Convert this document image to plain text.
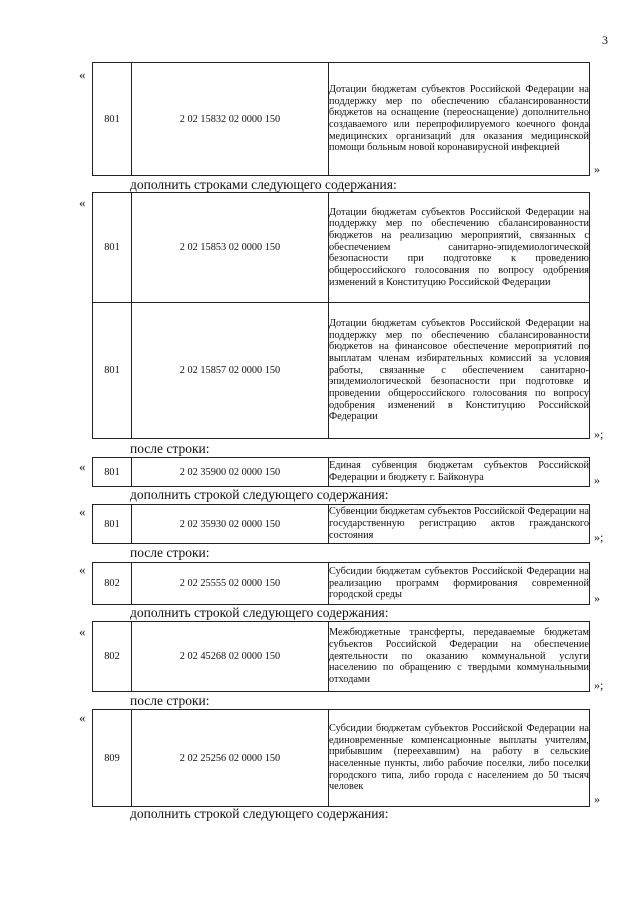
3
«
801	2 02 15832 02 0000 150	Дотации бюджетам субъектов Российской Федерации на поддержку мер по обеспечению сбалансированности бюджетов на оснащение (переоснащение) дополнительно создаваемого или перепрофилируемого коечного фонда медицинских организаций для оказания медицинской помощи больным новой коронавирусной инфекцией
»
дополнить строками следующего содержания:
«
801	2 02 15853 02 0000 150	Дотации бюджетам субъектов Российской Федерации на поддержку мер по обеспечению сбалансированности бюджетов на реализацию мероприятий, связанных с обеспечением санитарно-эпидемиологической безопасности при подготовке к проведению общероссийского голосования по вопросу одобрения изменений в Конституцию Российской Федерации
801	2 02 15857 02 0000 150	Дотации бюджетам субъектов Российской Федерации на поддержку мер по обеспечению сбалансированности бюджетов на финансовое обеспечение мероприятий по выплатам членам избирательных комиссий за условия работы, связанные с обеспечением санитарно-эпидемиологической безопасности при подготовке и проведении общероссийского голосования по вопросу одобрения изменений в Конституцию Российской Федерации
»;
после строки:
« 801	2 02 35900 02 0000 150	Единая субвенция бюджетам субъектов Российской Федерации и бюджету г. Байконура	»
дополнить строкой следующего содержания:
«
801	2 02 35930 02 0000 150	Субвенции бюджетам субъектов Российской Федерации на государственную регистрацию актов гражданского состояния	»;
после строки:
«
802	2 02 25555 02 0000 150	Субсидии бюджетам субъектов Российской Федерации на реализацию программ формирования современной городской среды	»
дополнить строкой следующего содержания:
«
802	2 02 45268 02 0000 150	Межбюджетные трансферты, передаваемые бюджетам субъектов Российской Федерации на обеспечение деятельности по оказанию коммунальной услуги населению по обращению с твердыми коммунальными отходами	»;
после строки:
«
809	2 02 25256 02 0000 150	Субсидии бюджетам субъектов Российской Федерации на единовременные компенсационные выплаты учителям, прибывшим (переехавшим) на работу в сельские населенные пункты, либо рабочие поселки, либо поселки городского типа, либо города с населением до 50 тысяч человек
»
дополнить строкой следующего содержания:
